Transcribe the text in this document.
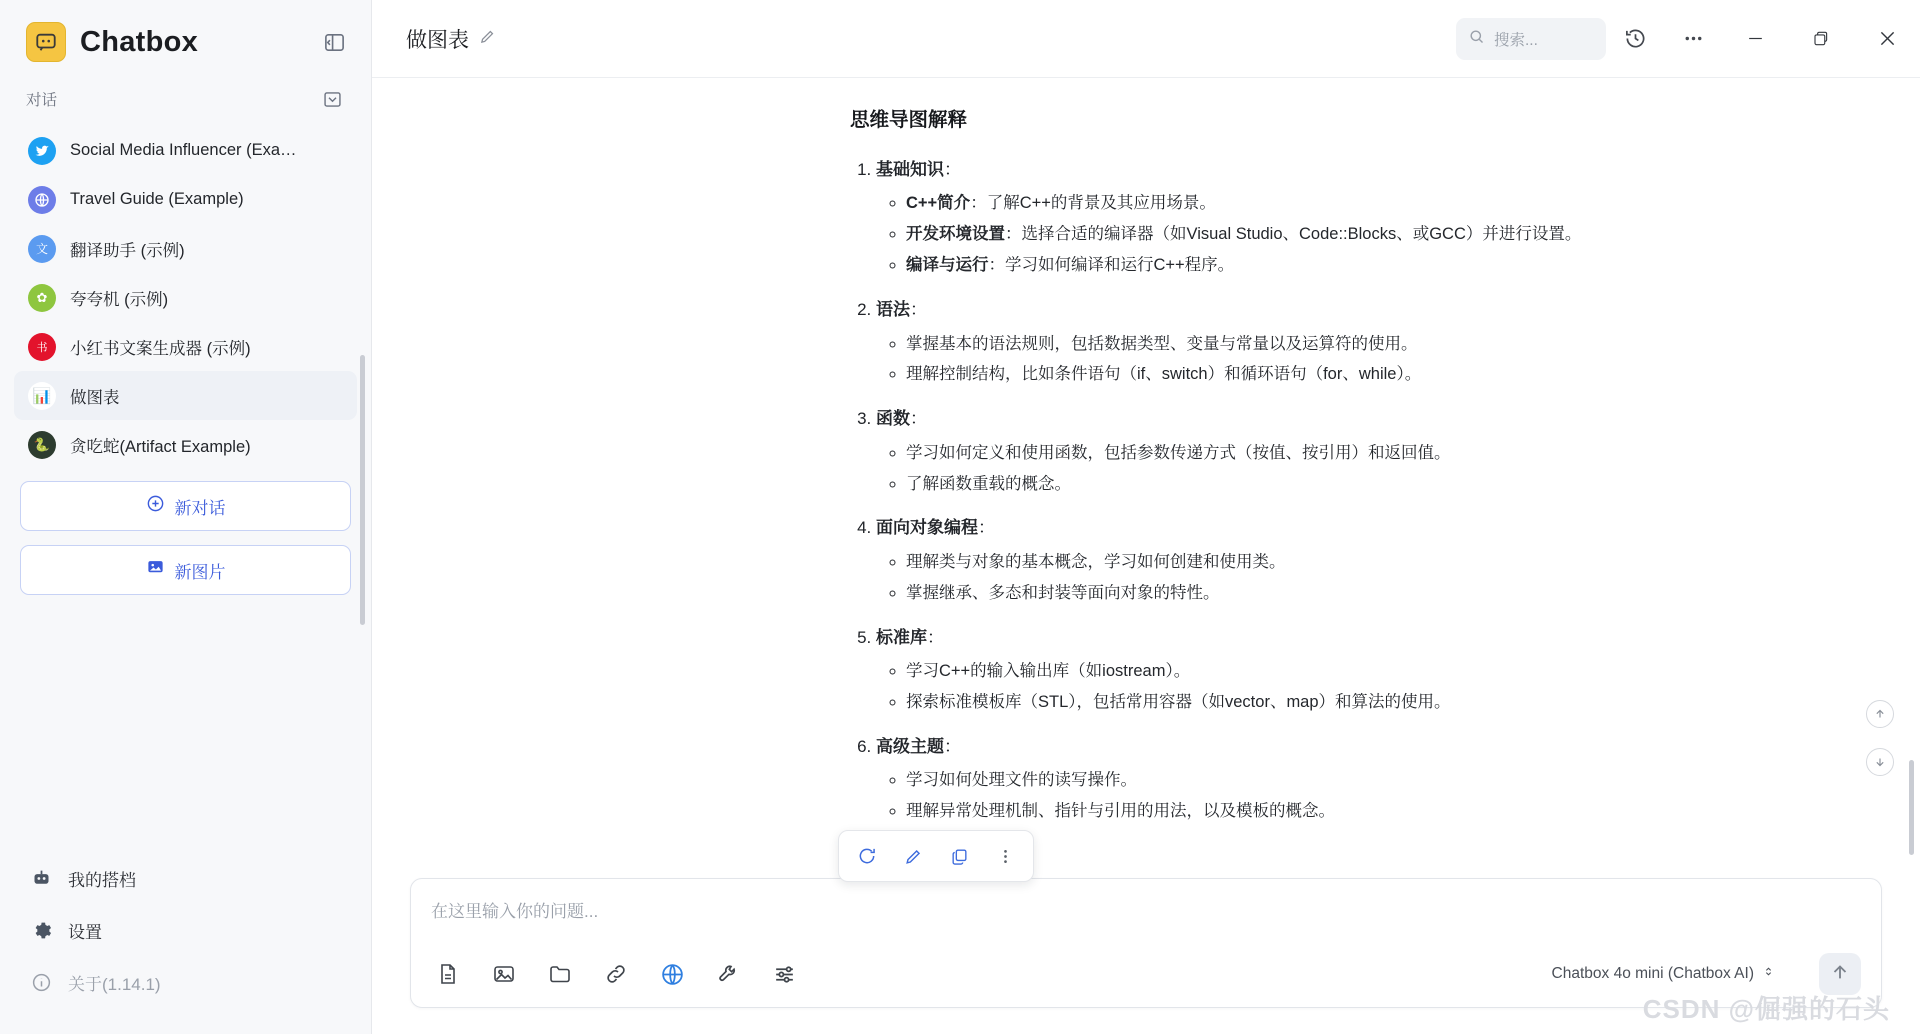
Chatbox
对话
Social Media Influencer (Exa…
Travel Guide (Example)
文	翻译助手 (示例)
✿	夸夸机 (示例)
书	小红书文案生成器 (示例)
📊 做图表
🐍	贪吃蛇(Artifact Example)
新对话
新图片
我的搭档
设置
关于(1.14.1)
做图表	搜索...
思维导图解释
1. 基础知识：
◦ C++简介：了解C++的背景及其应用场景。
◦ 开发环境设置：选择合适的编译器（如Visual Studio、Code::Blocks、或GCC）并进行设置。
◦ 编译与运行：学习如何编译和运行C++程序。
2. 语法：
◦ 掌握基本的语法规则，包括数据类型、变量与常量以及运算符的使用。
◦ 理解控制结构，比如条件语句（if、switch）和循环语句（for、while）。
3. 函数：
◦ 学习如何定义和使用函数，包括参数传递方式（按值、按引用）和返回值。
◦ 了解函数重载的概念。
4. 面向对象编程：
◦ 理解类与对象的基本概念，学习如何创建和使用类。
◦ 掌握继承、多态和封装等面向对象的特性。
5. 标准库：
◦ 学习C++的输入输出库（如iostream）。
◦ 探索标准模板库（STL），包括常用容器（如vector、map）和算法的使用。
6. 高级主题：
◦ 学习如何处理文件的读写操作。
◦ 理解异常处理机制、指针与引用的用法，以及模板的概念。
在这里输入你的问题...
Chatbox 4o mini (Chatbox AI)
CSDN @倔强的石头
